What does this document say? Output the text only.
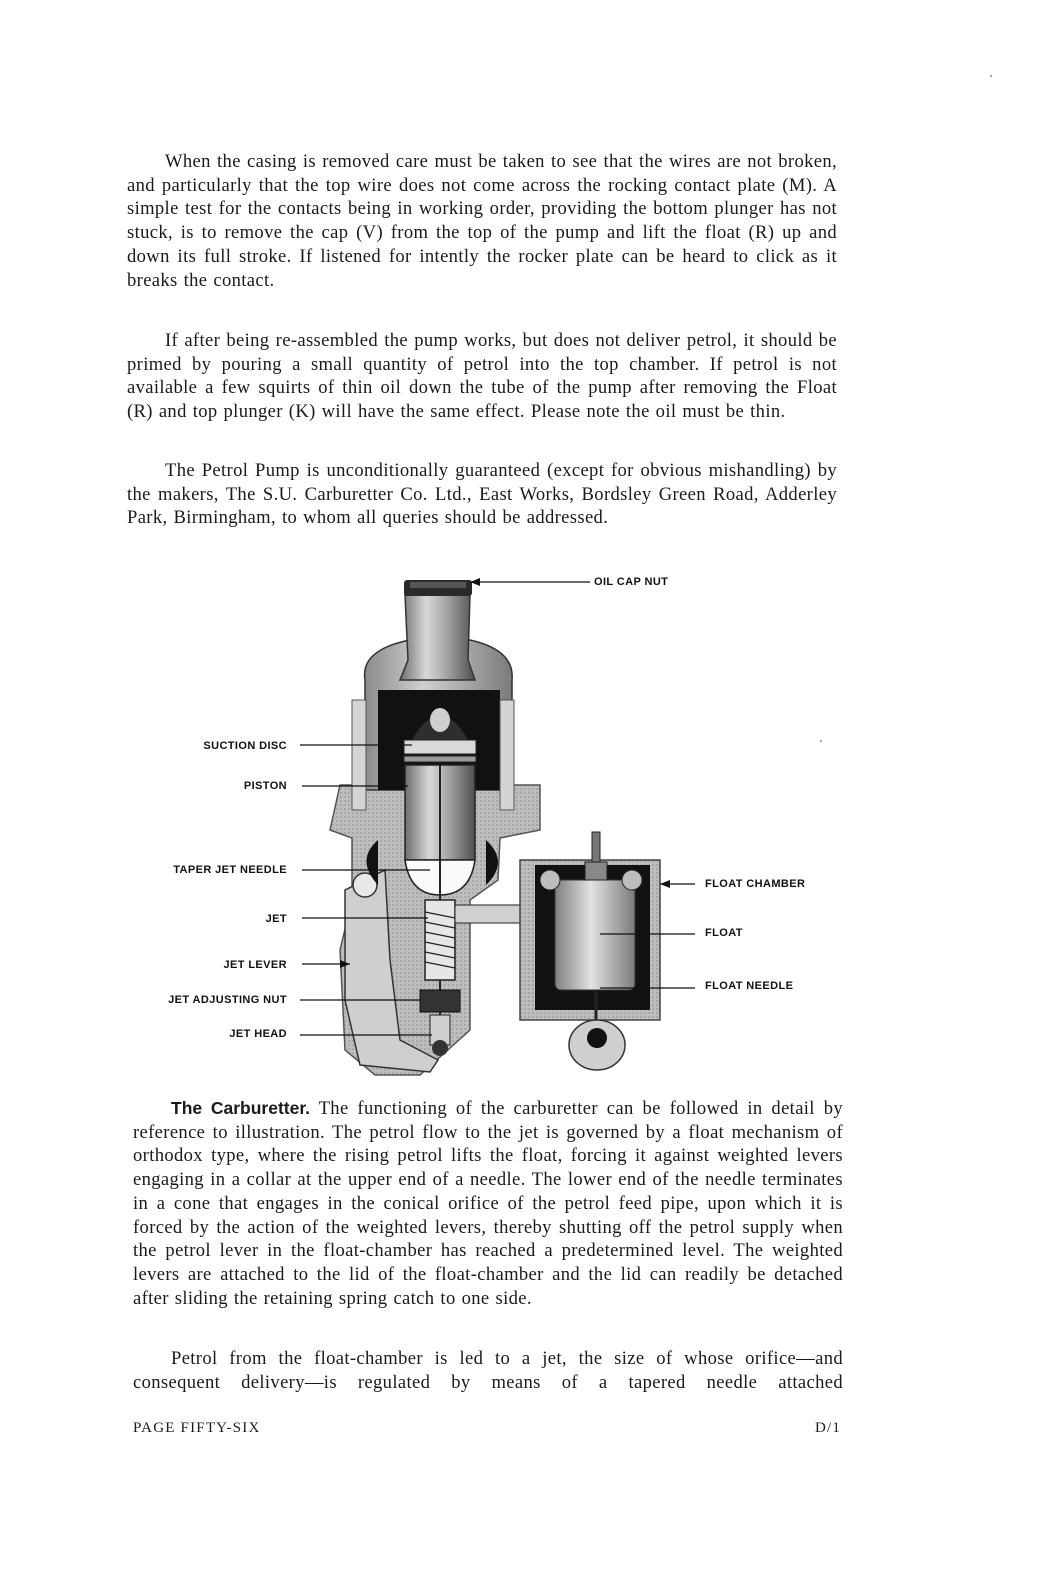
When the casing is removed care must be taken to see that the wires are not broken, and particularly that the top wire does not come across the rocking contact plate (M). A simple test for the contacts being in working order, providing the bottom plunger has not stuck, is to remove the cap (V) from the top of the pump and lift the float (R) up and down its full stroke. If listened for intently the rocker plate can be heard to click as it breaks the contact.

If after being re-assembled the pump works, but does not deliver petrol, it should be primed by pouring a small quantity of petrol into the top chamber. If petrol is not available a few squirts of thin oil down the tube of the pump after removing the Float (R) and top plunger (K) will have the same effect. Please note the oil must be thin.

The Petrol Pump is unconditionally guaranteed (except for obvious mishandling) by the makers, The S.U. Carburetter Co. Ltd., East Works, Bordsley Green Road, Adderley Park, Birmingham, to whom all queries should be addressed.

OIL CAP NUT
SUCTION DISC
PISTON
TAPER JET NEEDLE
JET
JET LEVER
JET ADJUSTING NUT
JET HEAD
FLOAT CHAMBER
FLOAT
FLOAT NEEDLE

The Carburetter. The functioning of the carburetter can be followed in detail by reference to illustration. The petrol flow to the jet is governed by a float mechanism of orthodox type, where the rising petrol lifts the float, forcing it against weighted levers engaging in a collar at the upper end of a needle. The lower end of the needle terminates in a cone that engages in the conical orifice of the petrol feed pipe, upon which it is forced by the action of the weighted levers, thereby shutting off the petrol supply when the petrol lever in the float-chamber has reached a predetermined level. The weighted levers are attached to the lid of the float-chamber and the lid can readily be detached after sliding the retaining spring catch to one side.

Petrol from the float-chamber is led to a jet, the size of whose orifice—and consequent delivery—is regulated by means of a tapered needle attached

PAGE FIFTY-SIX	D/1
